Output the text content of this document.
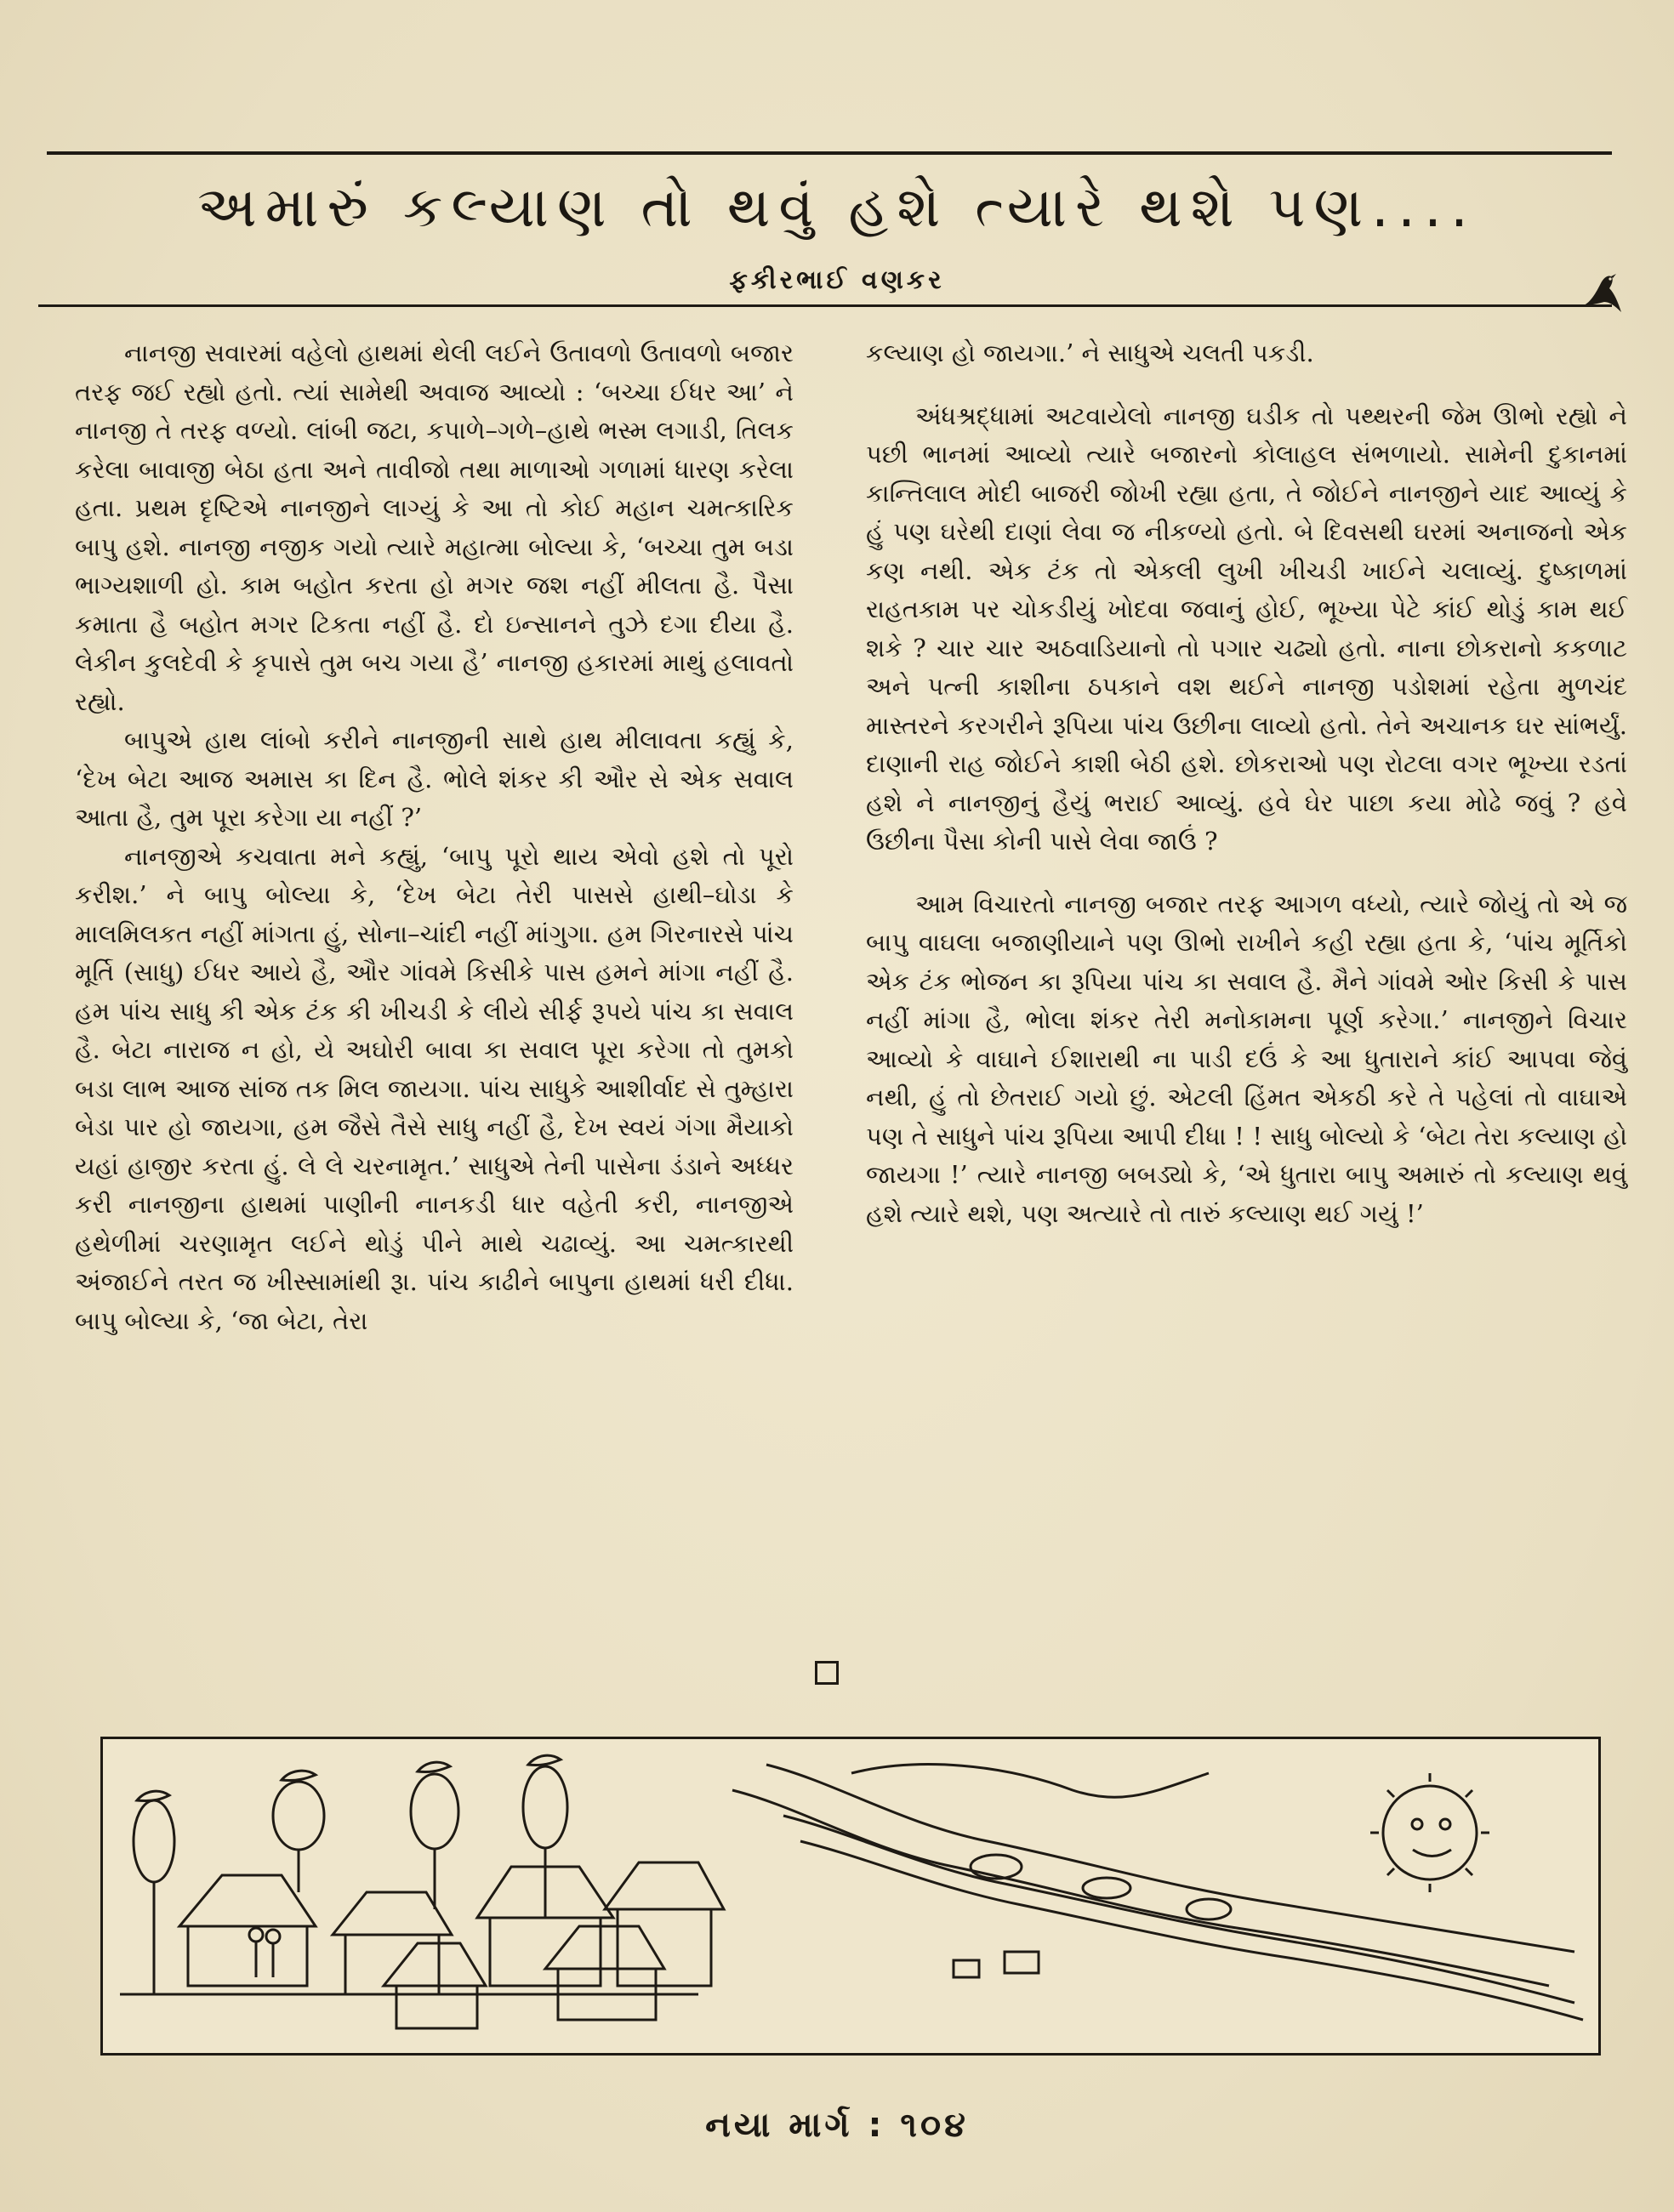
અમારું કલ્યાણ તો થવું હશે ત્યારે થશે પણ....
ફકીરભાઈ વણકર

નાનજી સવારમાં વહેલો હાથમાં થેલી લઈને ઉતાવળો ઉતાવળો બજાર તરફ જઈ રહ્યો હતો. ત્યાં સામેથી અવાજ આવ્યો : ‘બચ્ચા ઈધર આ’ ને નાનજી તે તરફ વળ્યો. લાંબી જટા, કપાળે–ગળે–હાથે ભસ્મ લગાડી, તિલક કરેલા બાવાજી બેઠા હતા અને તાવીજો તથા માળાઓ ગળામાં ધારણ કરેલા હતા. પ્રથમ દૃષ્ટિએ નાનજીને લાગ્યું કે આ તો કોઈ મહાન ચમત્કારિક બાપુ હશે. નાનજી નજીક ગયો ત્યારે મહાત્મા બોલ્યા કે, ‘બચ્ચા તુમ બડા ભાગ્યશાળી હો. કામ બહોત કરતા હો મગર જશ નહીં મીલતા હૈ. પૈસા કમાતા હૈ બહોત મગર ટિકતા નહીં હૈ. દો ઇન્સાનને તુઝે દગા દીયા હૈ. લેકીન કુલદેવી કે કૃપાસે તુમ બચ ગયા હૈ’ નાનજી હકારમાં માથું હલાવતો રહ્યો.

બાપુએ હાથ લાંબો કરીને નાનજીની સાથે હાથ મીલાવતા કહ્યું કે, ‘દેખ બેટા આજ અમાસ કા દિન હૈ. ભોલે શંકર કી ઔર સે એક સવાલ આતા હૈ, તુમ પૂરા કરેગા યા નહીં ?’

નાનજીએ કચવાતા મને કહ્યું, ‘બાપુ પૂરો થાય એવો હશે તો પૂરો કરીશ.’ ને બાપુ બોલ્યા કે, ‘દેખ બેટા તેરી પાસસે હાથી–ઘોડા કે માલમિલકત નહીં માંગતા હું, સોના–ચાંદી નહીં માંગુગા. હમ ગિરનારસે પાંચ મૂર્તિ (સાધુ) ઈધર આયે હૈ, ઔર ગાંવમે કિસીકે પાસ હમને માંગા નહીં હૈ. હમ પાંચ સાધુ કી એક ટંક કી ખીચડી કે લીયે સીર્ફ રૂપયે પાંચ કા સવાલ હૈ. બેટા નારાજ ન હો, યે અઘોરી બાવા કા સવાલ પૂરા કરેગા તો તુમકો બડા લાભ આજ સાંજ તક મિલ જાયગા. પાંચ સાધુકે આશીર્વાદ સે તુમ્હારા બેડા પાર હો જાયગા, હમ જૈસે તૈસે સાધુ નહીં હૈ, દેખ સ્વયં ગંગા મૈયાકો યહાં હાજીર કરતા હું. લે લે ચરનામૃત.’ સાધુએ તેની પાસેના ડંડાને અધ્ધર કરી નાનજીના હાથમાં પાણીની નાનકડી ધાર વહેતી કરી, નાનજીએ હથેળીમાં ચરણામૃત લઈને થોડું પીને માથે ચઢાવ્યું. આ ચમત્કારથી અંજાઈને તરત જ ખીસ્સામાંથી રૂા. પાંચ કાઢીને બાપુના હાથમાં ધરી દીધા. બાપુ બોલ્યા કે, ‘જા બેટા, તેરા

કલ્યાણ હો જાયગા.’ ને સાધુએ ચલતી પકડી.

અંધશ્રદ્ધામાં અટવાયેલો નાનજી ઘડીક તો પથ્થરની જેમ ઊભો રહ્યો ને પછી ભાનમાં આવ્યો ત્યારે બજારનો કોલાહલ સંભળાયો. સામેની દુકાનમાં કાન્તિલાલ મોદી બાજરી જોખી રહ્યા હતા, તે જોઈને નાનજીને યાદ આવ્યું કે હું પણ ઘરેથી દાણાં લેવા જ નીકળ્યો હતો. બે દિવસથી ઘરમાં અનાજનો એક કણ નથી. એક ટંક તો એકલી લુખી ખીચડી ખાઈને ચલાવ્યું. દુષ્કાળમાં રાહતકામ પર ચોકડીયું ખોદવા જવાનું હોઈ, ભૂખ્યા પેટે કાંઈ થોડું કામ થઈ શકે ? ચાર ચાર અઠવાડિયાનો તો પગાર ચઢ્યો હતો. નાના છોકરાનો કકળાટ અને પત્ની કાશીના ઠપકાને વશ થઈને નાનજી પડોશમાં રહેતા મુળચંદ માસ્તરને કરગરીને રૂપિયા પાંચ ઉછીના લાવ્યો હતો. તેને અચાનક ઘર સાંભર્યું. દાણાની રાહ જોઈને કાશી બેઠી હશે. છોકરાઓ પણ રોટલા વગર ભૂખ્યા રડતાં હશે ને નાનજીનું હૈયું ભરાઈ આવ્યું. હવે ઘેર પાછા કયા મોઢે જવું ? હવે ઉછીના પૈસા કોની પાસે લેવા જાઉં ?

આમ વિચારતો નાનજી બજાર તરફ આગળ વધ્યો, ત્યારે જોયું તો એ જ બાપુ વાઘલા બજાણીયાને પણ ઊભો રાખીને કહી રહ્યા હતા કે, ‘પાંચ મૂર્તિકો એક ટંક ભોજન કા રૂપિયા પાંચ કા સવાલ હૈ. મૈને ગાંવમે ઓર કિસી કે પાસ નહીં માંગા હૈ, ભોલા શંકર તેરી મનોકામના પૂર્ણ કરેગા.’ નાનજીને વિચાર આવ્યો કે વાઘાને ઈશારાથી ના પાડી દઉં કે આ ધુતારાને કાંઈ આપવા જેવું નથી, હું તો છેતરાઈ ગયો છું. એટલી હિંમત એકઠી કરે તે પહેલાં તો વાઘાએ પણ તે સાધુને પાંચ રૂપિયા આપી દીધા ! ! સાધુ બોલ્યો કે ‘બેટા તેરા કલ્યાણ હો જાયગા !’ ત્યારે નાનજી બબડ્યો કે, ‘એ ધુતારા બાપુ અમારું તો કલ્યાણ થવું હશે ત્યારે થશે, પણ અત્યારે તો તારું કલ્યાણ થઈ ગયું !’

નયા માર્ગ : ૧૦૪
